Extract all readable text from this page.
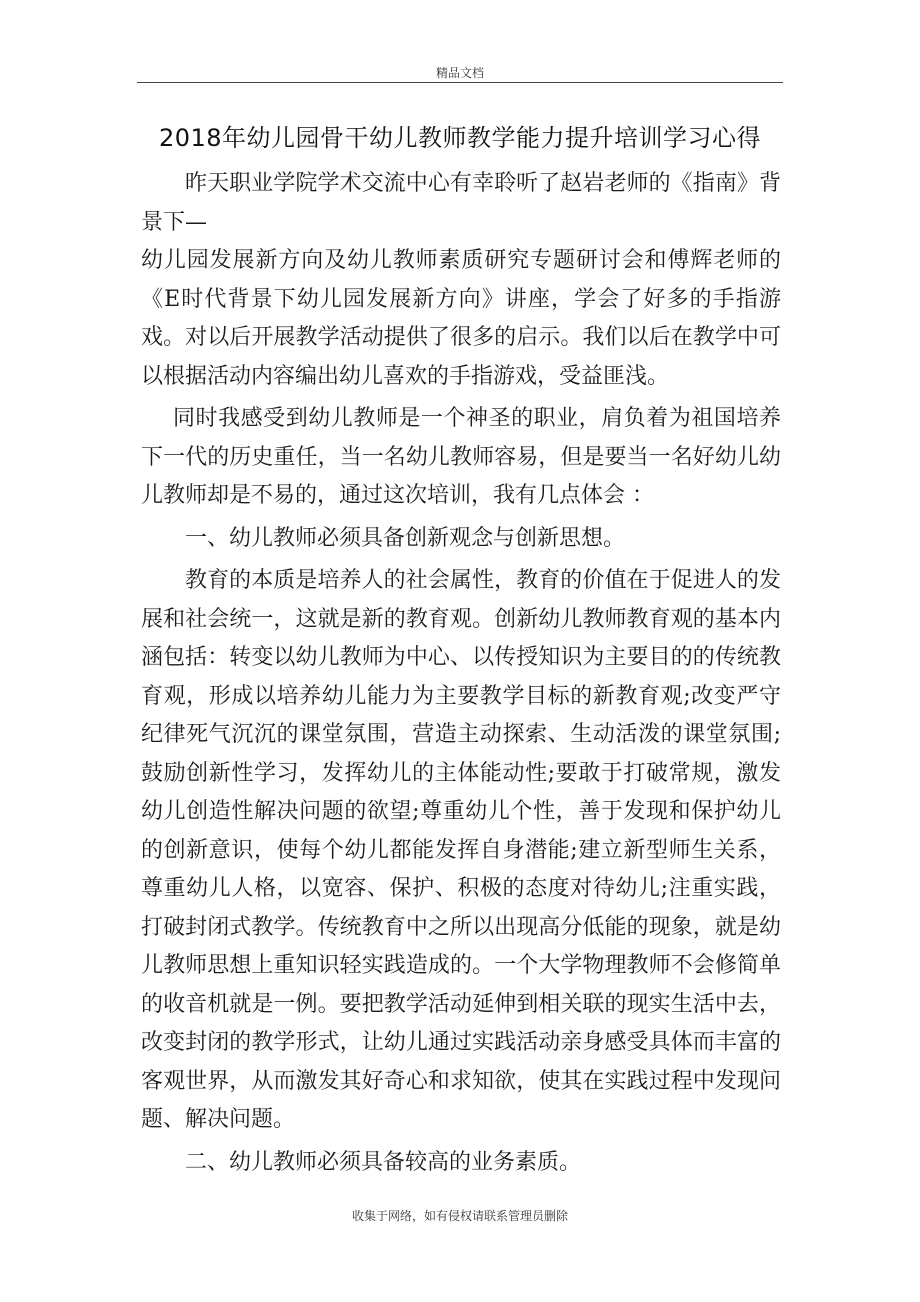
精品文档
2018年幼儿园骨干幼儿教师教学能力提升培训学习心得

昨天职业学院学术交流中心有幸聆听了赵岩老师的《指南》背景下—

幼儿园发展新方向及幼儿教师素质研究专题研讨会和傅辉老师的《E时代背景下幼儿园发展新方向》讲座，学会了好多的手指游戏。对以后开展教学活动提供了很多的启示。我们以后在教学中可以根据活动内容编出幼儿喜欢的手指游戏，受益匪浅。

同时我感受到幼儿教师是一个神圣的职业，肩负着为祖国培养下一代的历史重任，当一名幼儿教师容易，但是要当一名好幼儿幼儿教师却是不易的，通过这次培训，我有几点体会 ：

一、幼儿教师必须具备创新观念与创新思想。

教育的本质是培养人的社会属性，教育的价值在于促进人的发展和社会统一，这就是新的教育观。创新幼儿教师教育观的基本内涵包括：转变以幼儿教师为中心、以传授知识为主要目的的传统教育观，形成以培养幼儿能力为主要教学目标的新教育观;改变严守纪律死气沉沉的课堂氛围，营造主动探索、生动活泼的课堂氛围;鼓励创新性学习，发挥幼儿的主体能动性;要敢于打破常规，激发幼儿创造性解决问题的欲望;尊重幼儿个性，善于发现和保护幼儿的创新意识，使每个幼儿都能发挥自身潜能;建立新型师生关系，尊重幼儿人格，以宽容、保护、积极的态度对待幼儿;注重实践，打破封闭式教学。传统教育中之所以出现高分低能的现象，就是幼儿教师思想上重知识轻实践造成的。一个大学物理教师不会修简单的收音机就是一例。要把教学活动延伸到相关联的现实生活中去，改变封闭的教学形式，让幼儿通过实践活动亲身感受具体而丰富的客观世界，从而激发其好奇心和求知欲，使其在实践过程中发现问题、解决问题。

二、幼儿教师必须具备较高的业务素质。

收集于网络，如有侵权请联系管理员删除
